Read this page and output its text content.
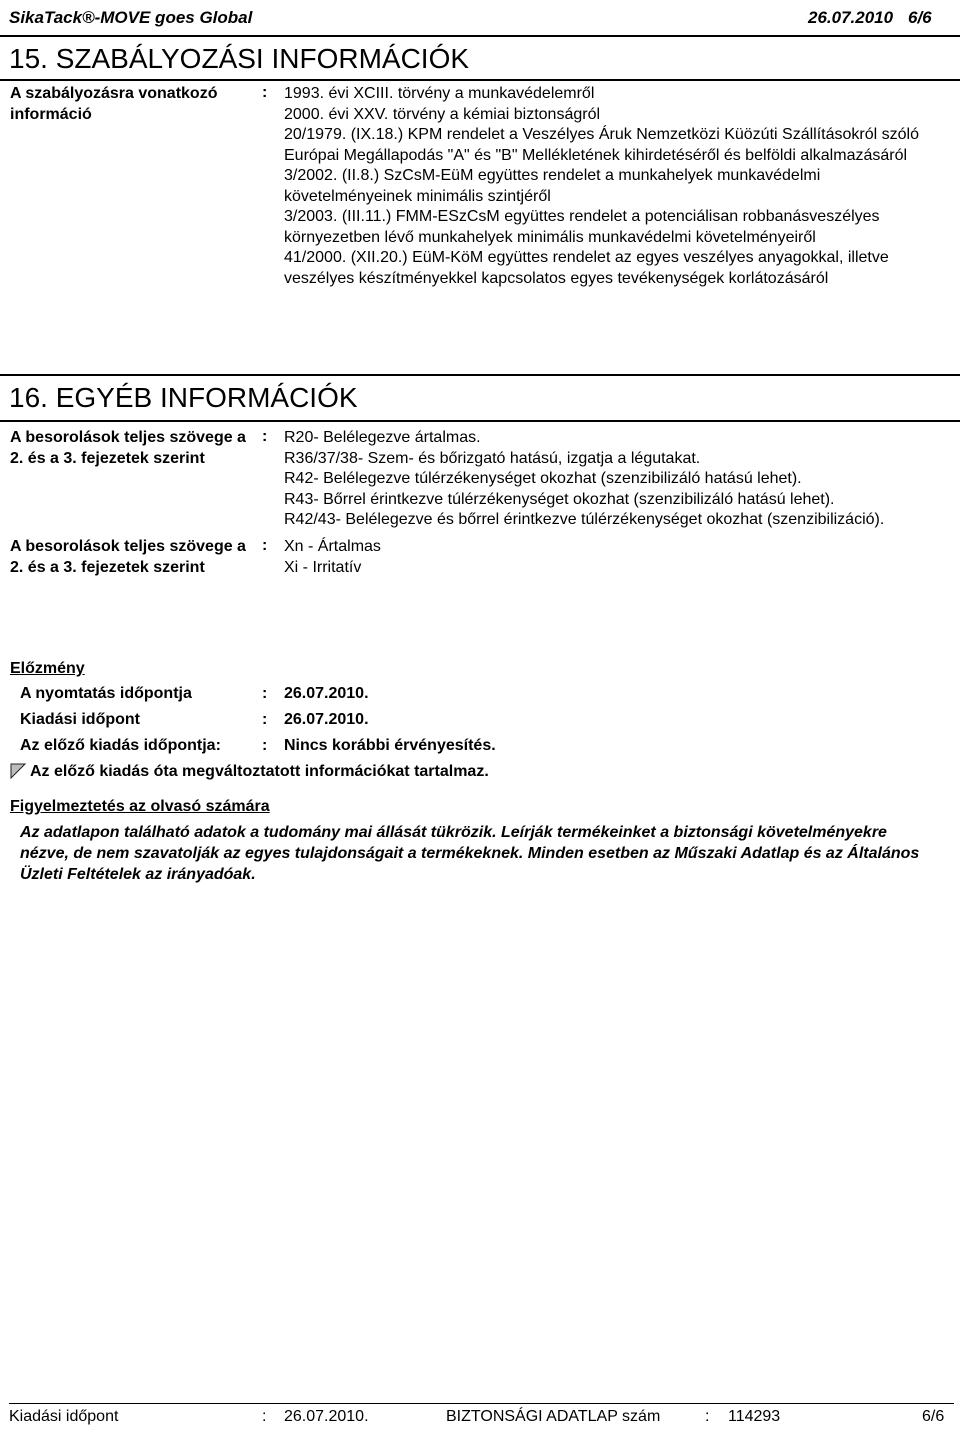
SikaTack®-MOVE goes Global	26.07.2010 6/6
15. SZABÁLYOZÁSI INFORMÁCIÓK
A szabályozásra vonatkozó információ
: 1993. évi XCIII. törvény a munkavédelemről
2000. évi XXV. törvény a kémiai biztonságról
20/1979. (IX.18.) KPM rendelet a Veszélyes Áruk Nemzetközi Küözúti Szállításokról szóló Európai Megállapodás "A" és "B" Mellékletének kihirdetéséről és belföldi alkalmazásáról
3/2002. (II.8.) SzCsM-EüM együttes rendelet a munkahelyek munkavédelmi követelményeinek minimális szintjéről
3/2003. (III.11.) FMM-ESzCsM együttes rendelet a potenciálisan robbanásveszélyes környezetben lévő munkahelyek minimális munkavédelmi követelményeiről
41/2000. (XII.20.) EüM-KöM együttes rendelet az egyes veszélyes anyagokkal, illetve veszélyes készítményekkel kapcsolatos egyes tevékenységek korlátozásáról
16. EGYÉB INFORMÁCIÓK
A besorolások teljes szövege a 2. és a 3. fejezetek szerint
: R20- Belélegezve ártalmas.
R36/37/38- Szem- és bőrizgató hatású, izgatja a légutakat.
R42- Belélegezve túlérzékenységet okozhat (szenzibilizáló hatású lehet).
R43- Bőrrel érintkezve túlérzékenységet okozhat (szenzibilizáló hatású lehet).
R42/43- Belélegezve és bőrrel érintkezve túlérzékenységet okozhat (szenzibilizáció).
A besorolások teljes szövege a 2. és a 3. fejezetek szerint
: Xn - Ártalmas
Xi - Irritatív
Előzmény
A nyomtatás időpontja	: 26.07.2010.
Kiadási időpont	: 26.07.2010.
Az előző kiadás időpontja:	: Nincs korábbi érvényesítés.
Az előző kiadás óta megváltoztatott információkat tartalmaz.
Figyelmeztetés az olvasó számára
Az adatlapon található adatok a tudomány mai állását tükrözik. Leírják termékeinket a biztonsági követelményekre nézve, de nem szavatolják az egyes tulajdonságait a termékeknek. Minden esetben az Műszaki Adatlap és az Általános Üzleti Feltételek az irányadóak.
Kiadási időpont	: 26.07.2010.	BIZTONSÁGI ADATLAP szám	: 114293	6/6
